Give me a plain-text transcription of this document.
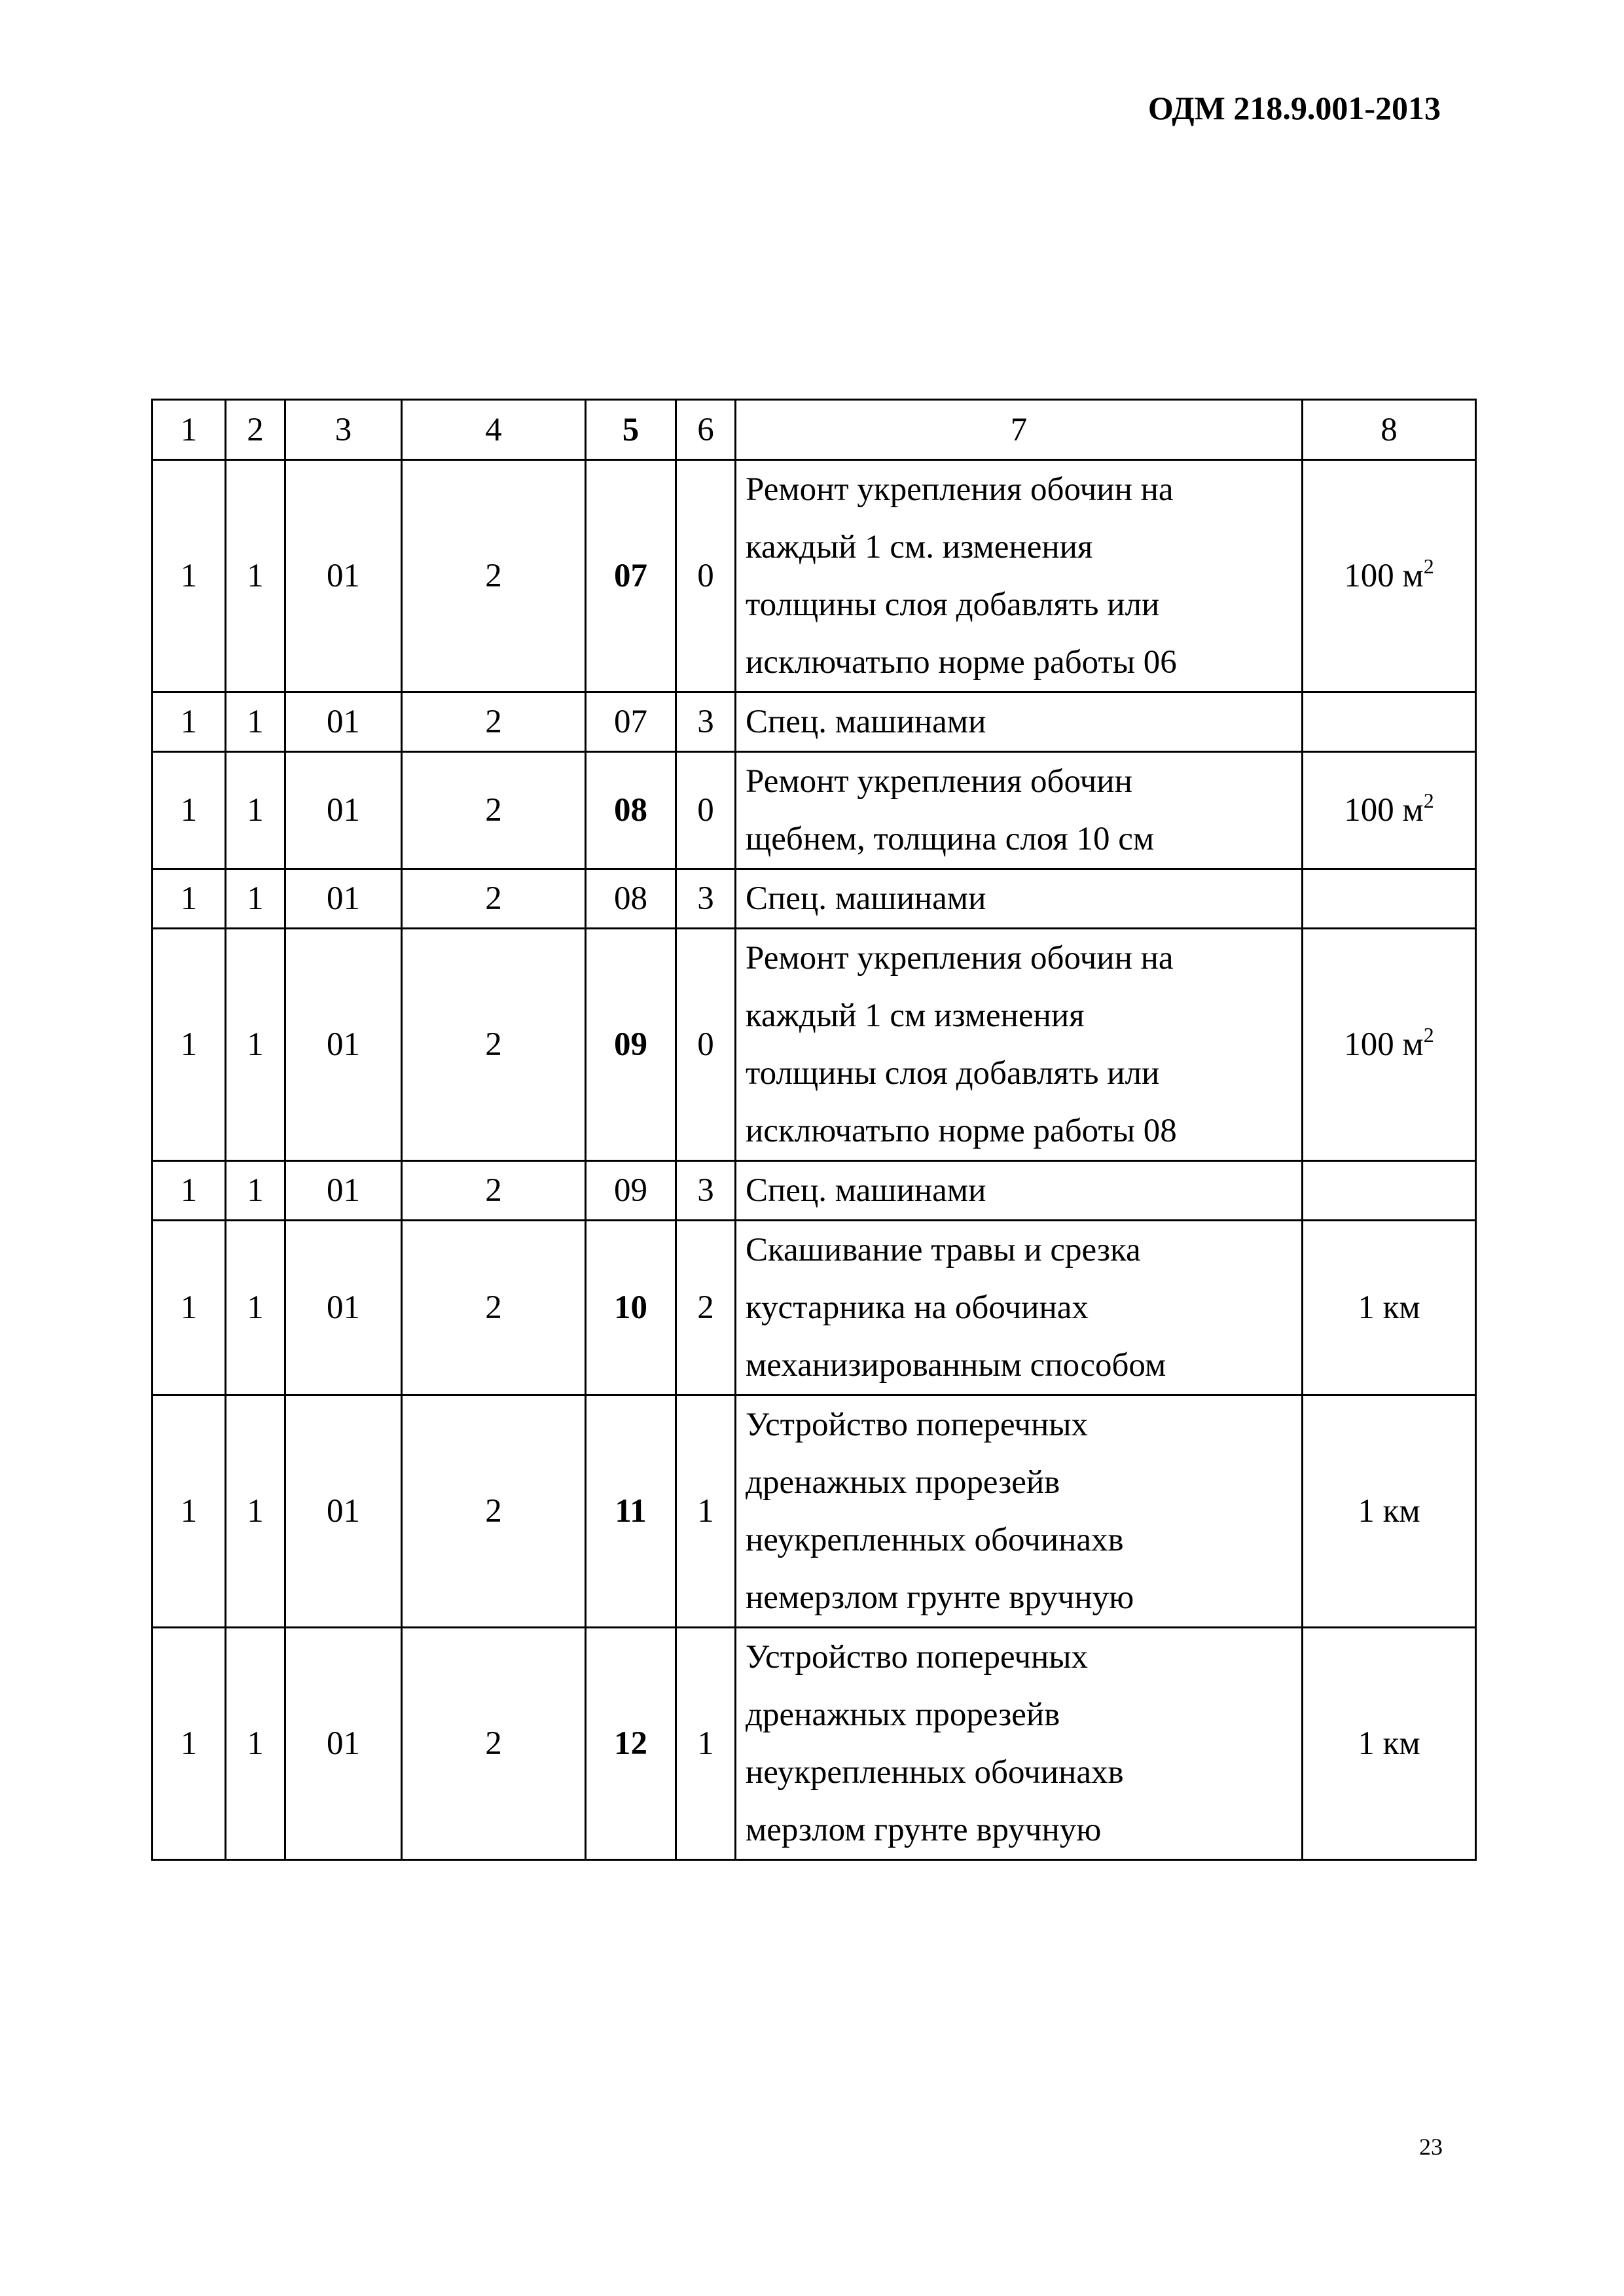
ОДМ 218.9.001-2013
1	2	3	4	5	6	7	8
1	1	01	2	07	0	Ремонт укрепления обочин на
каждый 1 см. изменения
толщины слоя добавлять или
исключатьпо норме работы 06	100 $м^2$
1	1	01	2	07	3	Спец. машинами	

1	1	01	2	08	0	Ремонт укрепления обочин
щебнем, толщина слоя 10 см	100 $м^2$
1	1	01	2	08	3	Спец. машинами	

1	1	01	2	09	0	Ремонт укрепления обочин на
каждый 1 см изменения
толщины слоя добавлять или
исключатьпо норме работы 08	100 $м^2$
1	1	01	2	09	3	Спец. машинами	

1	1	01	2	10	2	Скашивание травы и срезка
кустарника на обочинах
механизированным способом	1 км
1	1	01	2	11	1	Устройство поперечных
дренажных прорезейв
неукрепленных обочинахв
немерзлом грунте вручную	1 км
1	1	01	2	12	1	Устройство поперечных
дренажных прорезейв
неукрепленных обочинахв
мерзлом грунте вручную	1 км
23
